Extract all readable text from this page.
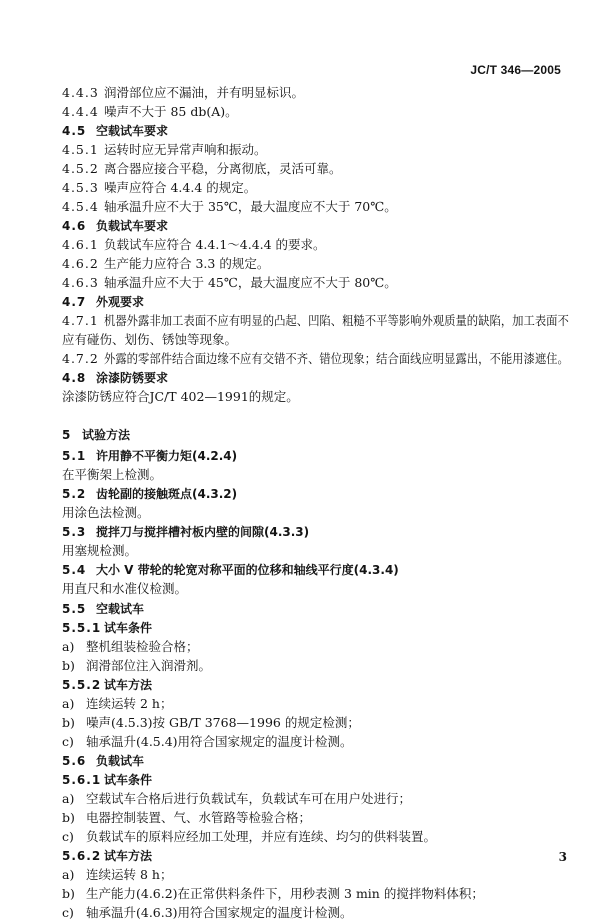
JC/T 346—2005
4.4.3 润滑部位应不漏油，并有明显标识。
4.4.4 噪声不大于 85 db(A)。
4.5 空载试车要求
4.5.1 运转时应无异常声响和振动。
4.5.2 离合器应接合平稳，分离彻底，灵活可靠。
4.5.3 噪声应符合 4.4.4 的规定。
4.5.4 轴承温升应不大于 35℃，最大温度应不大于 70℃。
4.6 负载试车要求
4.6.1 负载试车应符合 4.4.1～4.4.4 的要求。
4.6.2 生产能力应符合 3.3 的规定。
4.6.3 轴承温升应不大于 45℃，最大温度应不大于 80℃。
4.7 外观要求
4.7.1 机器外露非加工表面不应有明显的凸起、凹陷、粗糙不平等影响外观质量的缺陷，加工表面不
应有碰伤、划伤、锈蚀等现象。
4.7.2 外露的零部件结合面边缘不应有交错不齐、错位现象；结合面线应明显露出，不能用漆遮住。
4.8 涂漆防锈要求
涂漆防锈应符合JC/T 402—1991的规定。
5 试验方法
5.1 许用静不平衡力矩(4.2.4)
在平衡架上检测。
5.2 齿轮副的接触斑点(4.3.2)
用涂色法检测。
5.3 搅拌刀与搅拌槽衬板内壁的间隙(4.3.3)
用塞规检测。
5.4 大小 V 带轮的轮宽对称平面的位移和轴线平行度(4.3.4)
用直尺和水准仪检测。
5.5 空载试车
5.5.1 试车条件
a) 整机组装检验合格；
b) 润滑部位注入润滑剂。
5.5.2 试车方法
a) 连续运转 2 h；
b) 噪声(4.5.3)按 GB/T 3768—1996 的规定检测；
c) 轴承温升(4.5.4)用符合国家规定的温度计检测。
5.6 负载试车
5.6.1 试车条件
a) 空载试车合格后进行负载试车，负载试车可在用户处进行；
b) 电器控制装置、气、水管路等检验合格；
c) 负载试车的原料应经加工处理，并应有连续、均匀的供料装置。
5.6.2 试车方法
a) 连续运转 8 h；
b) 生产能力(4.6.2)在正常供料条件下，用秒表测 3 min 的搅拌物料体积；
c) 轴承温升(4.6.3)用符合国家规定的温度计检测。
3
